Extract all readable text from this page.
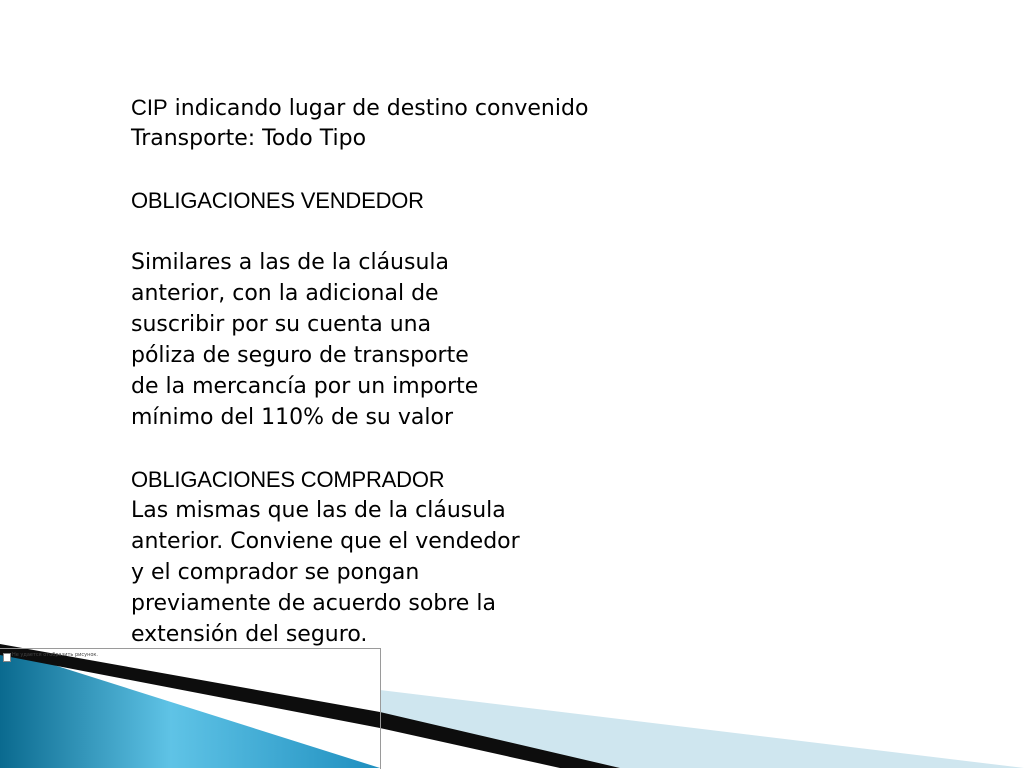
CIP indicando lugar de destino convenido
Transporte: Todo Tipo
OBLIGACIONES VENDEDOR
Similares a las de la cláusula
anterior, con la adicional de
suscribir por su cuenta una
póliza de seguro de transporte
de la mercancía por un importe
mínimo del 110% de su valor
OBLIGACIONES COMPRADOR
Las mismas que las de la cláusula
anterior. Conviene que el vendedor
y el comprador se pongan
previamente de acuerdo sobre la
extensión del seguro.
Не удается отобразить рисунок.
